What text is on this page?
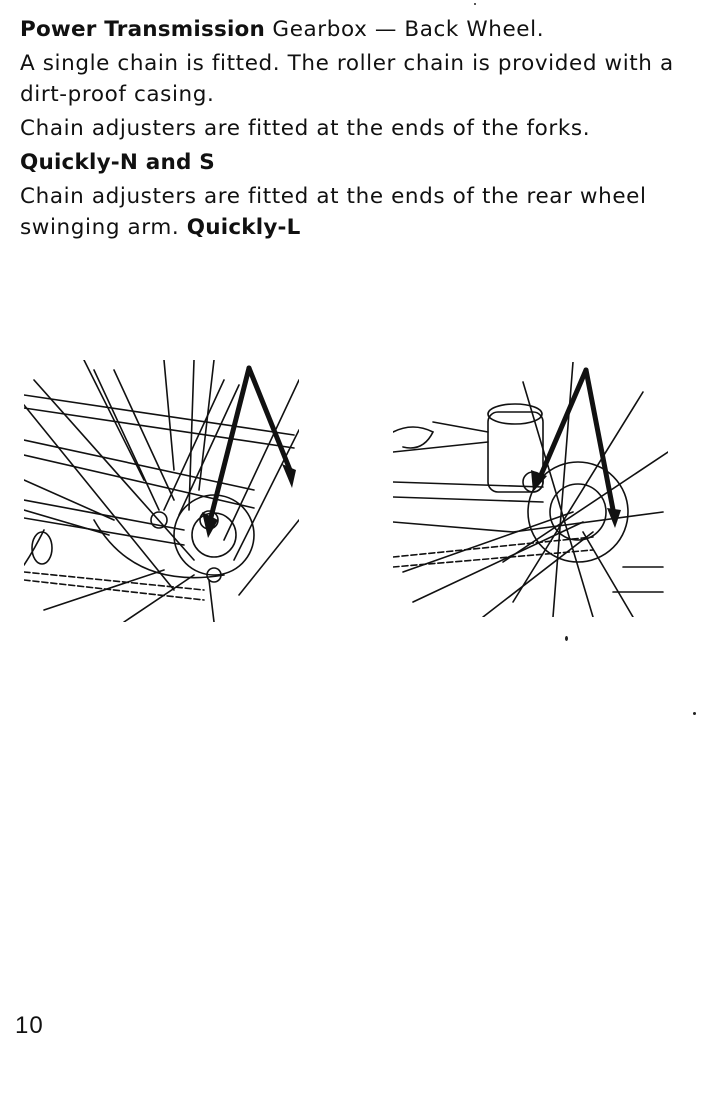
Power Transmission Gearbox — Back Wheel.

A single chain is fitted. The roller chain is provided with a dirt-proof casing.

Chain adjusters are fitted at the ends of the forks.

Quickly-N and S

Chain adjusters are fitted at the ends of the rear wheel swinging arm. Quickly-L

10
